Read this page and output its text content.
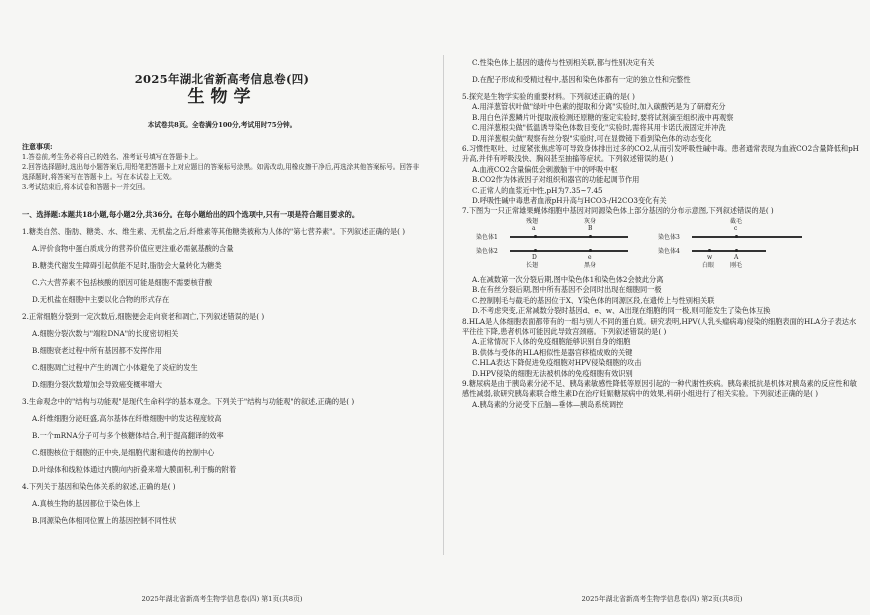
2025年湖北省新高考信息卷(四)
生物学
本试卷共8页。全卷满分100分,考试用时75分钟。
注意事项:

1.答卷前,考生务必将自己的姓名、准考证号填写在答题卡上。

2.回答选择题时,选出每小题答案后,用铅笔把答题卡上对应题目的答案标号涂黑。如需改动,用橡皮擦干净后,再选涂其他答案标号。回答非选择题时,将答案写在答题卡上。写在本试卷上无效。

3.考试结束后,将本试卷和答题卡一并交回。

一、选择题:本题共18小题,每小题2分,共36分。在每小题给出的四个选项中,只有一项是符合题目要求的。

1.糖类自然、脂肪、糖类、水、维生素、无机盐之后,纤维素等其他糖类被称为人体的"第七营养素"。下列叙述正确的是( )

A.评价食物中蛋白质成分的营养价值应更注重必需氨基酸的含量

B.糖类代谢发生障碍引起供能不足时,脂肪会大量转化为糖类

C.六大营养素不包括核酸的原因可能是细胞不需要核苷酸

D.无机盐在细胞中主要以化合物的形式存在

2.正常细胞分裂到一定次数后,细胞便会走向衰老和凋亡,下列叙述错误的是( )

A.细胞分裂次数与"端粒DNA"的长度密切相关

B.细胞衰老过程中所有基因都不发挥作用

C.细胞凋亡过程中产生的凋亡小体避免了炎症的发生

D.细胞分裂次数增加会导致癌变概率增大

3.生命观念中的"结构与功能观"是现代生命科学的基本观念。下列关于"结构与功能观"的叙述,正确的是( )

A.纤维细胞分泌旺盛,高尔基体在纤维细胞中的发达程度较高

B.一个mRNA分子可与多个核糖体结合,利于提高翻译的效率

C.细胞核位于细胞的正中央,是细胞代谢和遗传的控制中心

D.叶绿体和线粒体通过内膜向内折叠来增大膜面积,利于酶的附着

4.下列关于基因和染色体关系的叙述,正确的是( )

A.真核生物的基因都位于染色体上

B.同源染色体相同位置上的基因控制不同性状

2025年湖北省新高考生物学信息卷(四) 第1页(共8页)

C.性染色体上基因的遗传与性别相关联,都与性别决定有关

D.在配子形成和受精过程中,基因和染色体都有一定的独立性和完整性

5.探究是生物学实验的重要材料。下列叙述正确的是( )

A.用洋葱管状叶做"绿叶中色素的提取和分离"实验时,加入碳酸钙是为了研磨充分

B.用白色洋葱鳞片叶提取液检测还原糖的鉴定实验时,要将试剂滴至组织液中再观察

C.用洋葱根尖做"低温诱导染色体数目变化"实验时,需将其用卡诺氏液固定并冲洗

D.用洋葱根尖做"观察有丝分裂"实验时,可在显微镜下看到染色体的动态变化

6.习惯性呕吐、过度紧张焦虑等可导致身体排出过多的CO2,从而引发呼吸性碱中毒。患者通常表现为血液CO2含量降低和pH升高,并伴有呼吸浅快、胸闷甚至抽搐等症状。下列叙述错误的是( )

A.血液CO2含量偏低会刺激脑干中的呼吸中枢

B.CO2作为体液因子对组织和器官的功能起调节作用

C.正常人的血浆近中性,pH为7.35~7.45

D.呼吸性碱中毒患者血液pH升高与HCO3-/H2CO3变化有关

7.下图为一只正常雄果蝇体细胞中基因对同源染色体上部分基因的分布示意图,下列叙述错误的是( )

残翅	灰身
a	B
染色体1
染色体2
D	e
长翅	黑身
截毛
c
染色体3
染色体4
w	A
白眼	刚毛

A.在减数第一次分裂后期,图中染色体1和染色体2会彼此分离

B.在有丝分裂后期,图中所有基因不会同时出现在细胞同一极

C.控制刚毛与截毛的基因位于X、Y染色体的同源区段,在遗传上与性别相关联

D.不考虑突变,正常减数分裂时基因d、e、w、A出现在细胞的同一极,则可能发生了染色体互换

8.HLA是人体细胞表面都带有的一组与别人不同的蛋白质。研究表明,HPV(人乳头瘤病毒)侵染的细胞表面的HLA分子表达水平往往下降,患者机体可能因此导致宫颈癌。下列叙述错误的是( )

A.正常情况下人体的免疫细胞能够识别自身的细胞

B.供体与受体的HLA相似性是器官移植成败的关键

C.HLA表达下降促进免疫细胞对HPV侵染细胞的攻击

D.HPV侵染的细胞无法被机体的免疫细胞有效识别

9.糖尿病是由于胰岛素分泌不足、胰岛素敏感性降低等原因引起的一种代谢性疾病。胰岛素抵抗是机体对胰岛素的反应性和敏感性减弱,欲研究胰岛素联合维生素D在治疗妊娠糖尿病中的效果,科研小组进行了相关实验。下列叙述正确的是( )

A.胰岛素的分泌受下丘脑—垂体—胰岛系统调控

2025年湖北省新高考生物学信息卷(四) 第2页(共8页)
